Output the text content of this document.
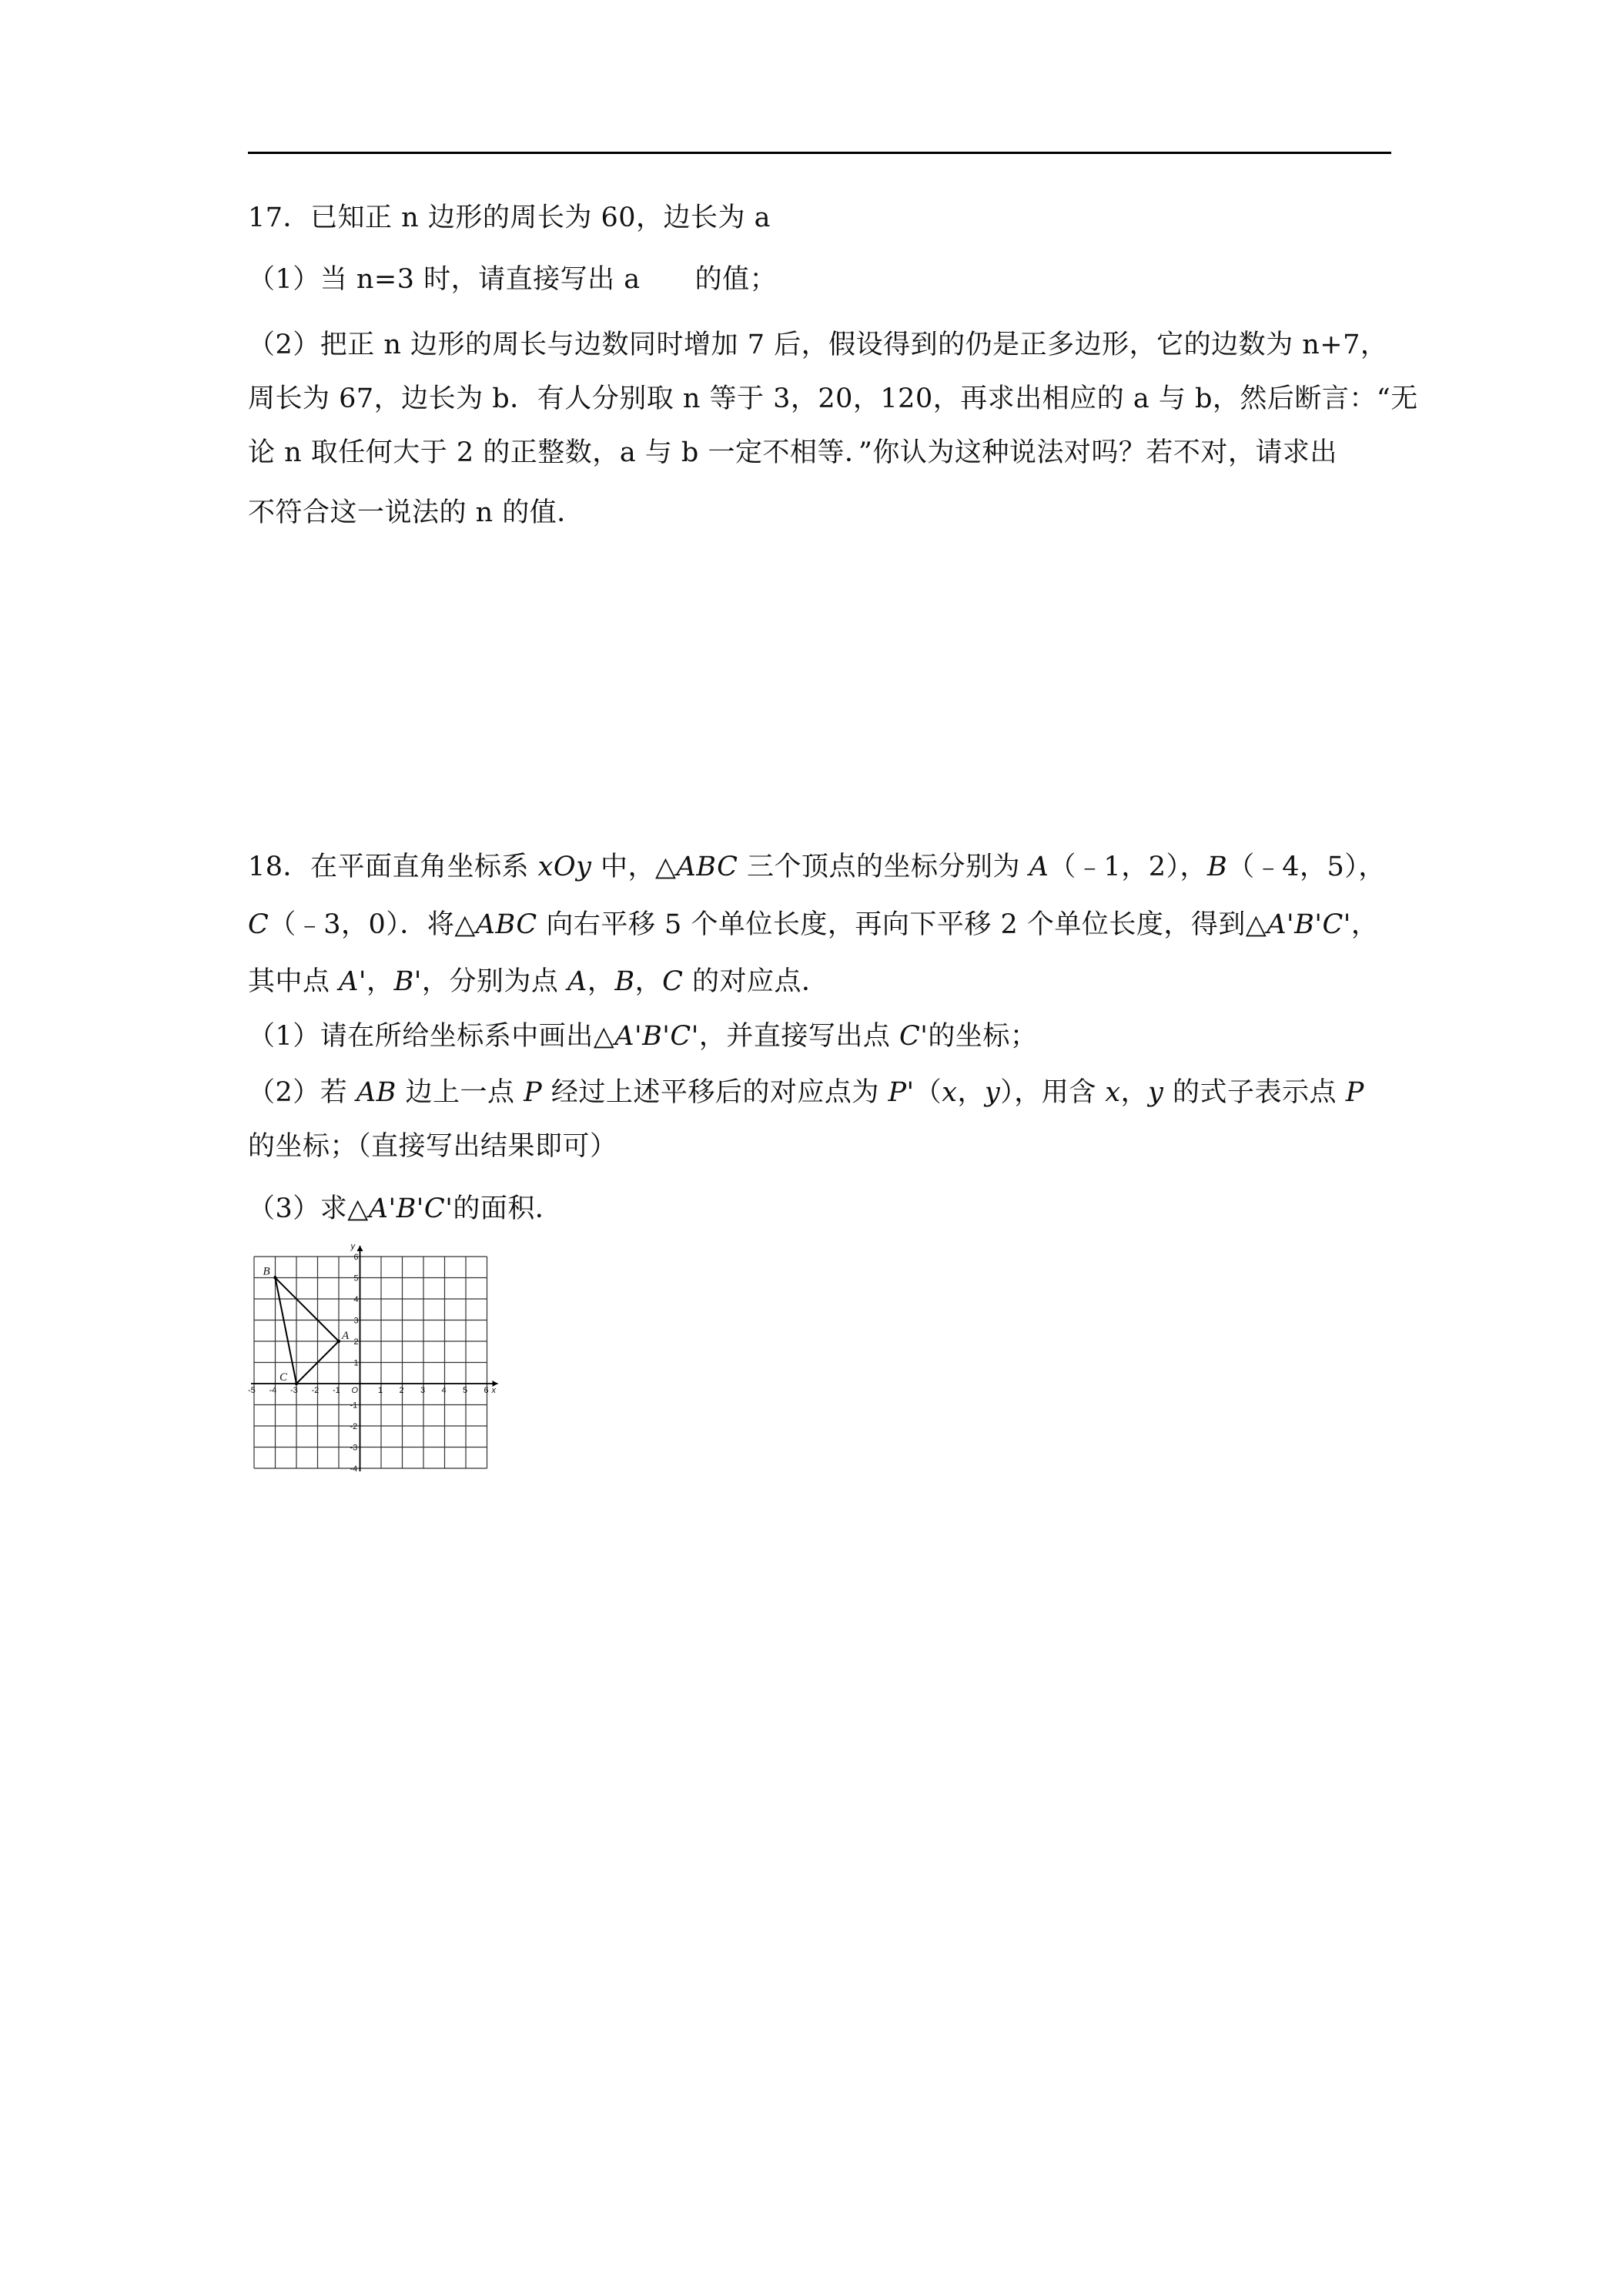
17．已知正 n 边形的周长为 60，边长为 a
（1）当 n=3 时，请直接写出 a　　的值；
（2）把正 n 边形的周长与边数同时增加 7 后，假设得到的仍是正多边形，它的边数为 n+7，
周长为 67，边长为 b．有人分别取 n 等于 3，20，120，再求出相应的 a 与 b，然后断言：“无
论 n 取任何大于 2 的正整数，a 与 b 一定不相等．”你认为这种说法对吗？若不对，请求出
不符合这一说法的 n 的值．
18．在平面直角坐标系 xOy 中，△ABC 三个顶点的坐标分别为 A（﹣1，2），B（﹣4，5），
C（﹣3，0）．将△ABC 向右平移 5 个单位长度，再向下平移 2 个单位长度，得到△A'B'C'，
其中点 A'，B'，分别为点 A，B，C 的对应点．
（1）请在所给坐标系中画出△A'B'C'，并直接写出点 C'的坐标；
（2）若 AB 边上一点 P 经过上述平移后的对应点为 P'（x，y），用含 x，y 的式子表示点 P
的坐标；（直接写出结果即可）
（3）求△A'B'C'的面积．
-5 -4 -3 -2 -1 O 1 2 3 4 5 6
6
5
4
3
2
1
-1
-2
-3
-4
x
y
A
B
C
